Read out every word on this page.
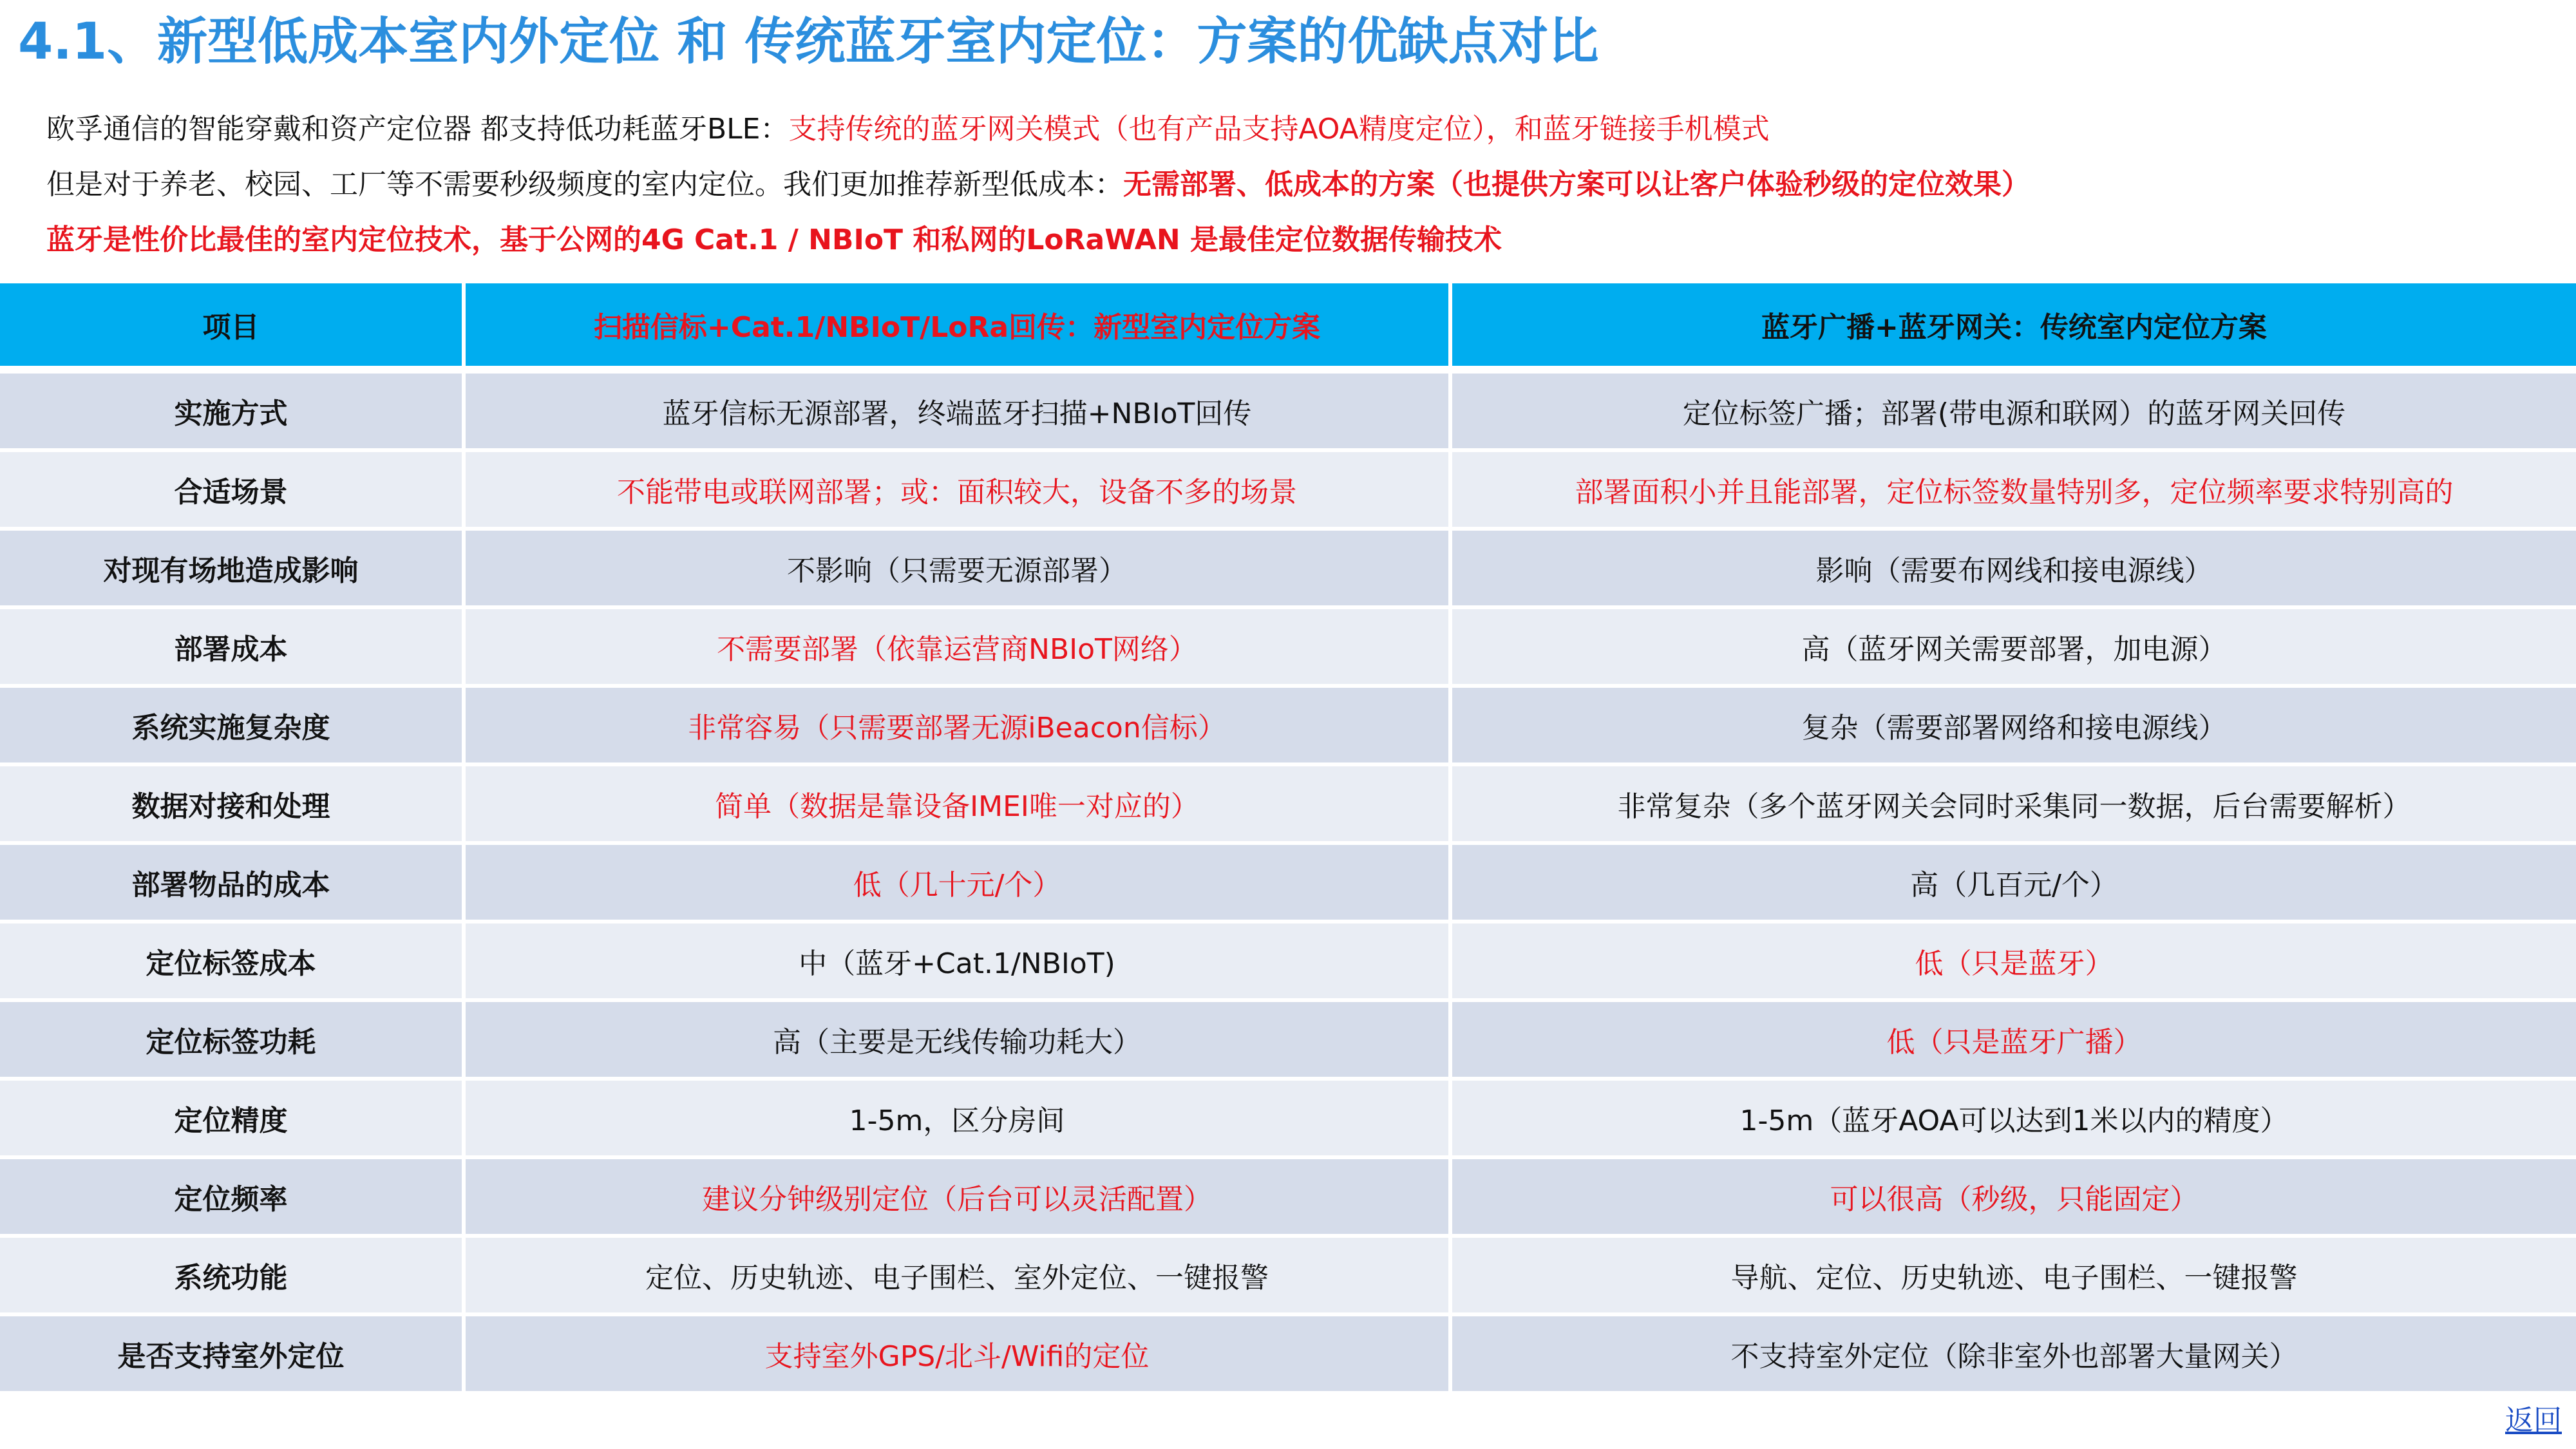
4.1、新型低成本室内外定位 和 传统蓝牙室内定位：方案的优缺点对比
欧孚通信的智能穿戴和资产定位器 都支持低功耗蓝牙BLE：支持传统的蓝牙网关模式（也有产品支持AOA精度定位），和蓝牙链接手机模式
但是对于养老、校园、工厂等不需要秒级频度的室内定位。我们更加推荐新型低成本：无需部署、低成本的方案（也提供方案可以让客户体验秒级的定位效果）
蓝牙是性价比最佳的室内定位技术，基于公网的4G Cat.1 / NBIoT 和私网的LoRaWAN 是最佳定位数据传输技术
项目	扫描信标+Cat.1/NBIoT/LoRa回传：新型室内定位方案	蓝牙广播+蓝牙网关：传统室内定位方案
实施方式	蓝牙信标无源部署，终端蓝牙扫描+NBIoT回传	定位标签广播；部署(带电源和联网）的蓝牙网关回传
合适场景	不能带电或联网部署；或：面积较大，设备不多的场景	部署面积小并且能部署，定位标签数量特别多，定位频率要求特别高的
对现有场地造成影响	不影响（只需要无源部署）	影响（需要布网线和接电源线）
部署成本	不需要部署（依靠运营商NBIoT网络）	高（蓝牙网关需要部署，加电源）
系统实施复杂度	非常容易（只需要部署无源iBeacon信标）	复杂（需要部署网络和接电源线）
数据对接和处理	简单（数据是靠设备IMEI唯一对应的）	非常复杂（多个蓝牙网关会同时采集同一数据，后台需要解析）
部署物品的成本	低（几十元/个）	高（几百元/个）
定位标签成本	中（蓝牙+Cat.1/NBIoT)	低（只是蓝牙）
定位标签功耗	高（主要是无线传输功耗大）	低（只是蓝牙广播）
定位精度	1-5m，区分房间	1-5m（蓝牙AOA可以达到1米以内的精度）
定位频率	建议分钟级别定位（后台可以灵活配置）	可以很高（秒级，只能固定）
系统功能	定位、历史轨迹、电子围栏、室外定位、一键报警	导航、定位、历史轨迹、电子围栏、一键报警
是否支持室外定位	支持室外GPS/北斗/Wifi的定位	不支持室外定位（除非室外也部署大量网关）
返回
